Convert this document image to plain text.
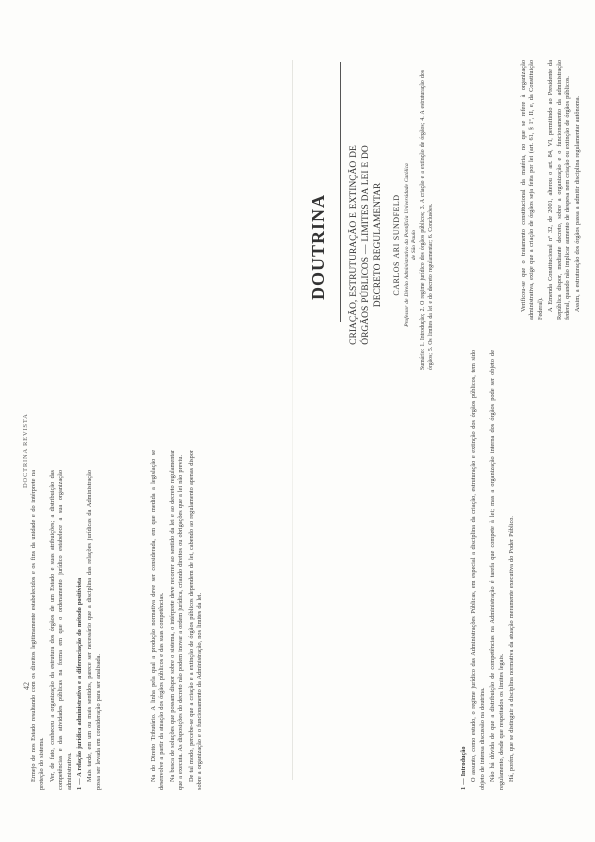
42
DOCTRINA REVISTA

Ermejo de nos Estado resultando com os direitos legitimamente estabelecidos e os fins da unidade e do intérprete na proteção do sistema. Ver, de fato, conheceu a organização da estrutura dos órgãos de um Estado e suas atribuições; a distribuição das competências e das atividades públicas na forma em que o ordenamento jurídico estabelece a sua organização administrativa. 1 — A relação jurídica administrativa e a diferenciação do método positivista Mais tarde, em um ou mais sentidos, parece ser necessário que a disciplina das relações jurídicas da Administração possa ser levada em consideração para ser analisada.	Na do Direito Tributário. A linha pela qual a produção normativa deve ser considerada, em que medida a legislação se desenvolve a partir da atuação dos órgãos públicos e das suas competências. Na busca de soluções que possam dispor sobre o sistema, o intérprete deve recorrer ao sentido da lei e ao decreto regulamentar que a executa. As disposições do decreto não podem inovar a ordem jurídica, criando direitos ou obrigações que a lei não previu. De tal modo, percebe-se que a criação e a extinção de órgãos públicos dependem de lei, cabendo ao regulamento apenas dispor sobre a organização e o funcionamento da Administração, nos limites da lei.

DOUTRINA CRIAÇÃO, ESTRUTURAÇÃO E EXTINÇÃO DE ÓRGÃOS PÚBLICOS — LIMITES DA LEI E DO DECRETO REGULAMENTAR CARLOS ARI SUNDFELD Professor de Direito Administrativo da Pontifícia Universidade Católica de São Paulo Sumário: 1. Introdução; 2. O regime jurídico dos órgãos públicos; 3. A criação e a extinção de órgãos; 4. A estruturação dos órgãos; 5. Os limites da lei e do decreto regulamentar; 6. Conclusões.

1 — Introdução O assunto, como estudo, o regime jurídico das Administrações Públicas, em especial a disciplina da criação, estruturação e extinção dos órgãos públicos, tem sido objeto de intensa discussão na doutrina. Não há dúvida de que a distribuição de competências na Administração é tarefa que compete à lei; mas a organização interna dos órgãos pode ser objeto de regulamento, desde que respeitados os limites legais. Há, porém, que se distinguir a disciplina normativa da atuação meramente executiva do Poder Público.

Verificou-se que o tratamento constitucional da matéria, no que se refere à organização administrativa, exige que a criação de órgãos seja feita por lei (art. 61, § 1º, II, e, da Constituição Federal). A Emenda Constitucional nº 32, de 2001, alterou o art. 84, VI, permitindo ao Presidente da República dispor, mediante decreto, sobre a organização e o funcionamento da administração federal, quando não implicar aumento de despesa nem criação ou extinção de órgãos públicos. Assim, a estruturação dos órgãos passa a admitir disciplina regulamentar autônoma.
